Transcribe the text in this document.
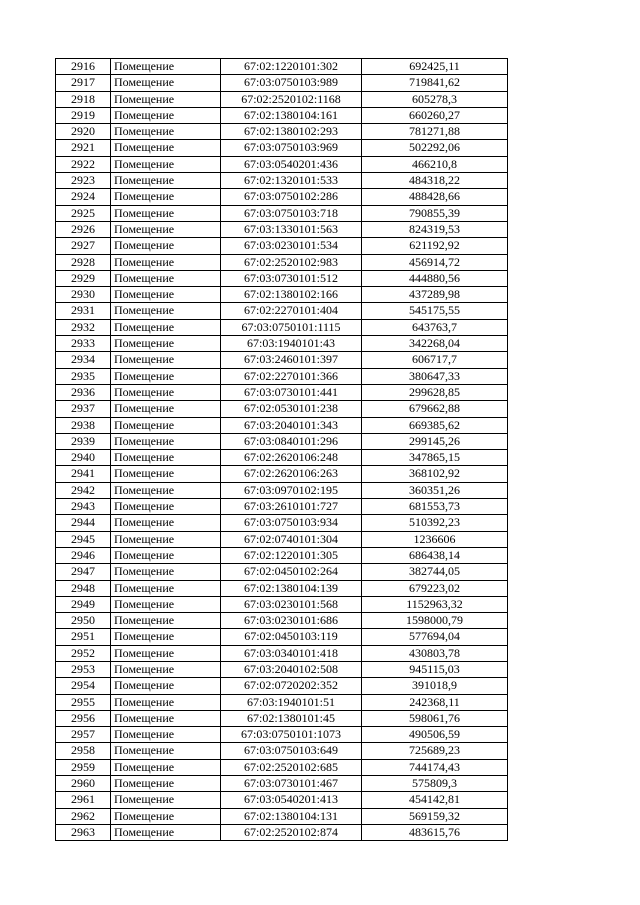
2916	Помещение	67:02:1220101:302	692425,11
2917	Помещение	67:03:0750103:989	719841,62
2918	Помещение	67:02:2520102:1168	605278,3
2919	Помещение	67:02:1380104:161	660260,27
2920	Помещение	67:02:1380102:293	781271,88
2921	Помещение	67:03:0750103:969	502292,06
2922	Помещение	67:03:0540201:436	466210,8
2923	Помещение	67:02:1320101:533	484318,22
2924	Помещение	67:03:0750102:286	488428,66
2925	Помещение	67:03:0750103:718	790855,39
2926	Помещение	67:03:1330101:563	824319,53
2927	Помещение	67:03:0230101:534	621192,92
2928	Помещение	67:02:2520102:983	456914,72
2929	Помещение	67:03:0730101:512	444880,56
2930	Помещение	67:02:1380102:166	437289,98
2931	Помещение	67:02:2270101:404	545175,55
2932	Помещение	67:03:0750101:1115	643763,7
2933	Помещение	67:03:1940101:43	342268,04
2934	Помещение	67:03:2460101:397	606717,7
2935	Помещение	67:02:2270101:366	380647,33
2936	Помещение	67:03:0730101:441	299628,85
2937	Помещение	67:02:0530101:238	679662,88
2938	Помещение	67:03:2040101:343	669385,62
2939	Помещение	67:03:0840101:296	299145,26
2940	Помещение	67:02:2620106:248	347865,15
2941	Помещение	67:02:2620106:263	368102,92
2942	Помещение	67:03:0970102:195	360351,26
2943	Помещение	67:03:2610101:727	681553,73
2944	Помещение	67:03:0750103:934	510392,23
2945	Помещение	67:02:0740101:304	1236606
2946	Помещение	67:02:1220101:305	686438,14
2947	Помещение	67:02:0450102:264	382744,05
2948	Помещение	67:02:1380104:139	679223,02
2949	Помещение	67:03:0230101:568	1152963,32
2950	Помещение	67:03:0230101:686	1598000,79
2951	Помещение	67:02:0450103:119	577694,04
2952	Помещение	67:03:0340101:418	430803,78
2953	Помещение	67:03:2040102:508	945115,03
2954	Помещение	67:02:0720202:352	391018,9
2955	Помещение	67:03:1940101:51	242368,11
2956	Помещение	67:02:1380101:45	598061,76
2957	Помещение	67:03:0750101:1073	490506,59
2958	Помещение	67:03:0750103:649	725689,23
2959	Помещение	67:02:2520102:685	744174,43
2960	Помещение	67:03:0730101:467	575809,3
2961	Помещение	67:03:0540201:413	454142,81
2962	Помещение	67:02:1380104:131	569159,32
2963	Помещение	67:02:2520102:874	483615,76
